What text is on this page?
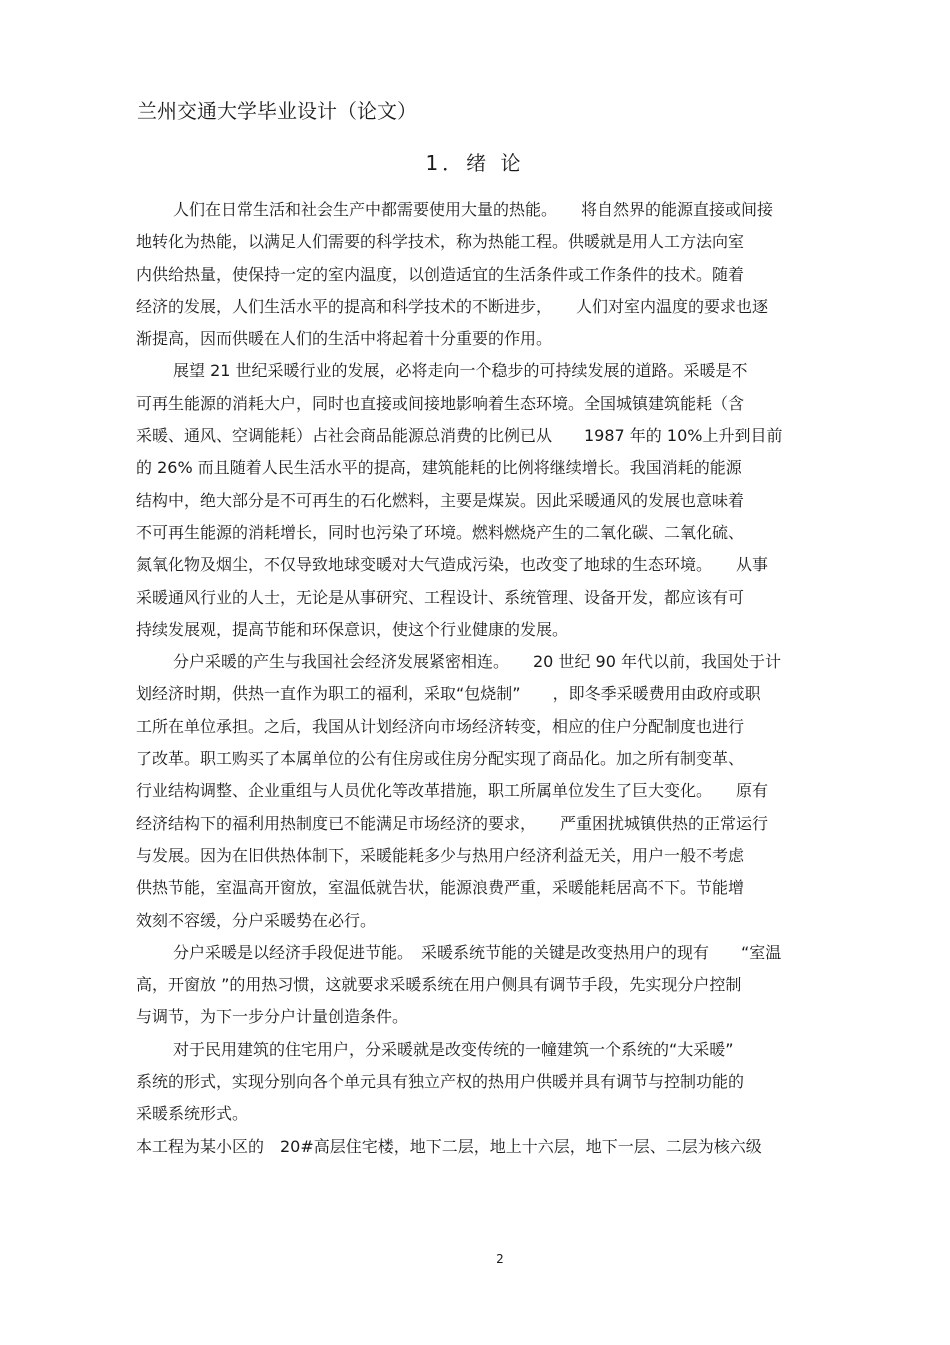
兰州交通大学毕业设计（论文）
1．绪 论
人们在日常生活和社会生产中都需要使用大量的热能。　　将自然界的能源直接或间接
地转化为热能，以满足人们需要的科学技术，称为热能工程。供暖就是用人工方法向室
内供给热量，使保持一定的室内温度，以创造适宜的生活条件或工作条件的技术。随着
经济的发展，人们生活水平的提高和科学技术的不断进步，　　人们对室内温度的要求也逐
渐提高，因而供暖在人们的生活中将起着十分重要的作用。
展望 21 世纪采暖行业的发展，必将走向一个稳步的可持续发展的道路。采暖是不
可再生能源的消耗大户，同时也直接或间接地影响着生态环境。全国城镇建筑能耗（含
采暖、通风、空调能耗）占社会商品能源总消费的比例已从　　1987 年的 10%上升到目前
的 26% 而且随着人民生活水平的提高，建筑能耗的比例将继续增长。我国消耗的能源
结构中，绝大部分是不可再生的石化燃料，主要是煤炭。因此采暖通风的发展也意味着
不可再生能源的消耗增长，同时也污染了环境。燃料燃烧产生的二氧化碳、二氧化硫、
氮氧化物及烟尘，不仅导致地球变暖对大气造成污染，也改变了地球的生态环境。　　从事
采暖通风行业的人士，无论是从事研究、工程设计、系统管理、设备开发，都应该有可
持续发展观，提高节能和环保意识，使这个行业健康的发展。
分户采暖的产生与我国社会经济发展紧密相连。　　20 世纪 90 年代以前，我国处于计
划经济时期，供热一直作为职工的福利，采取“包烧制”　　，即冬季采暖费用由政府或职
工所在单位承担。之后，我国从计划经济向市场经济转变，相应的住户分配制度也进行
了改革。职工购买了本属单位的公有住房或住房分配实现了商品化。加之所有制变革、
行业结构调整、企业重组与人员优化等改革措施，职工所属单位发生了巨大变化。　　原有
经济结构下的福利用热制度已不能满足市场经济的要求，　　严重困扰城镇供热的正常运行
与发展。因为在旧供热体制下，采暖能耗多少与热用户经济利益无关，用户一般不考虑
供热节能，室温高开窗放，室温低就告状，能源浪费严重，采暖能耗居高不下。节能增
效刻不容缓，分户采暖势在必行。
分户采暖是以经济手段促进节能。　采暖系统节能的关键是改变热用户的现有　　“室温
高，开窗放 ”的用热习惯，这就要求采暖系统在用户侧具有调节手段，先实现分户控制
与调节，为下一步分户计量创造条件。
对于民用建筑的住宅用户，分采暖就是改变传统的一幢建筑一个系统的“大采暖”
系统的形式，实现分别向各个单元具有独立产权的热用户供暖并具有调节与控制功能的
采暖系统形式。
本工程为某小区的　20#高层住宅楼，地下二层，地上十六层，地下一层、二层为核六级
2
